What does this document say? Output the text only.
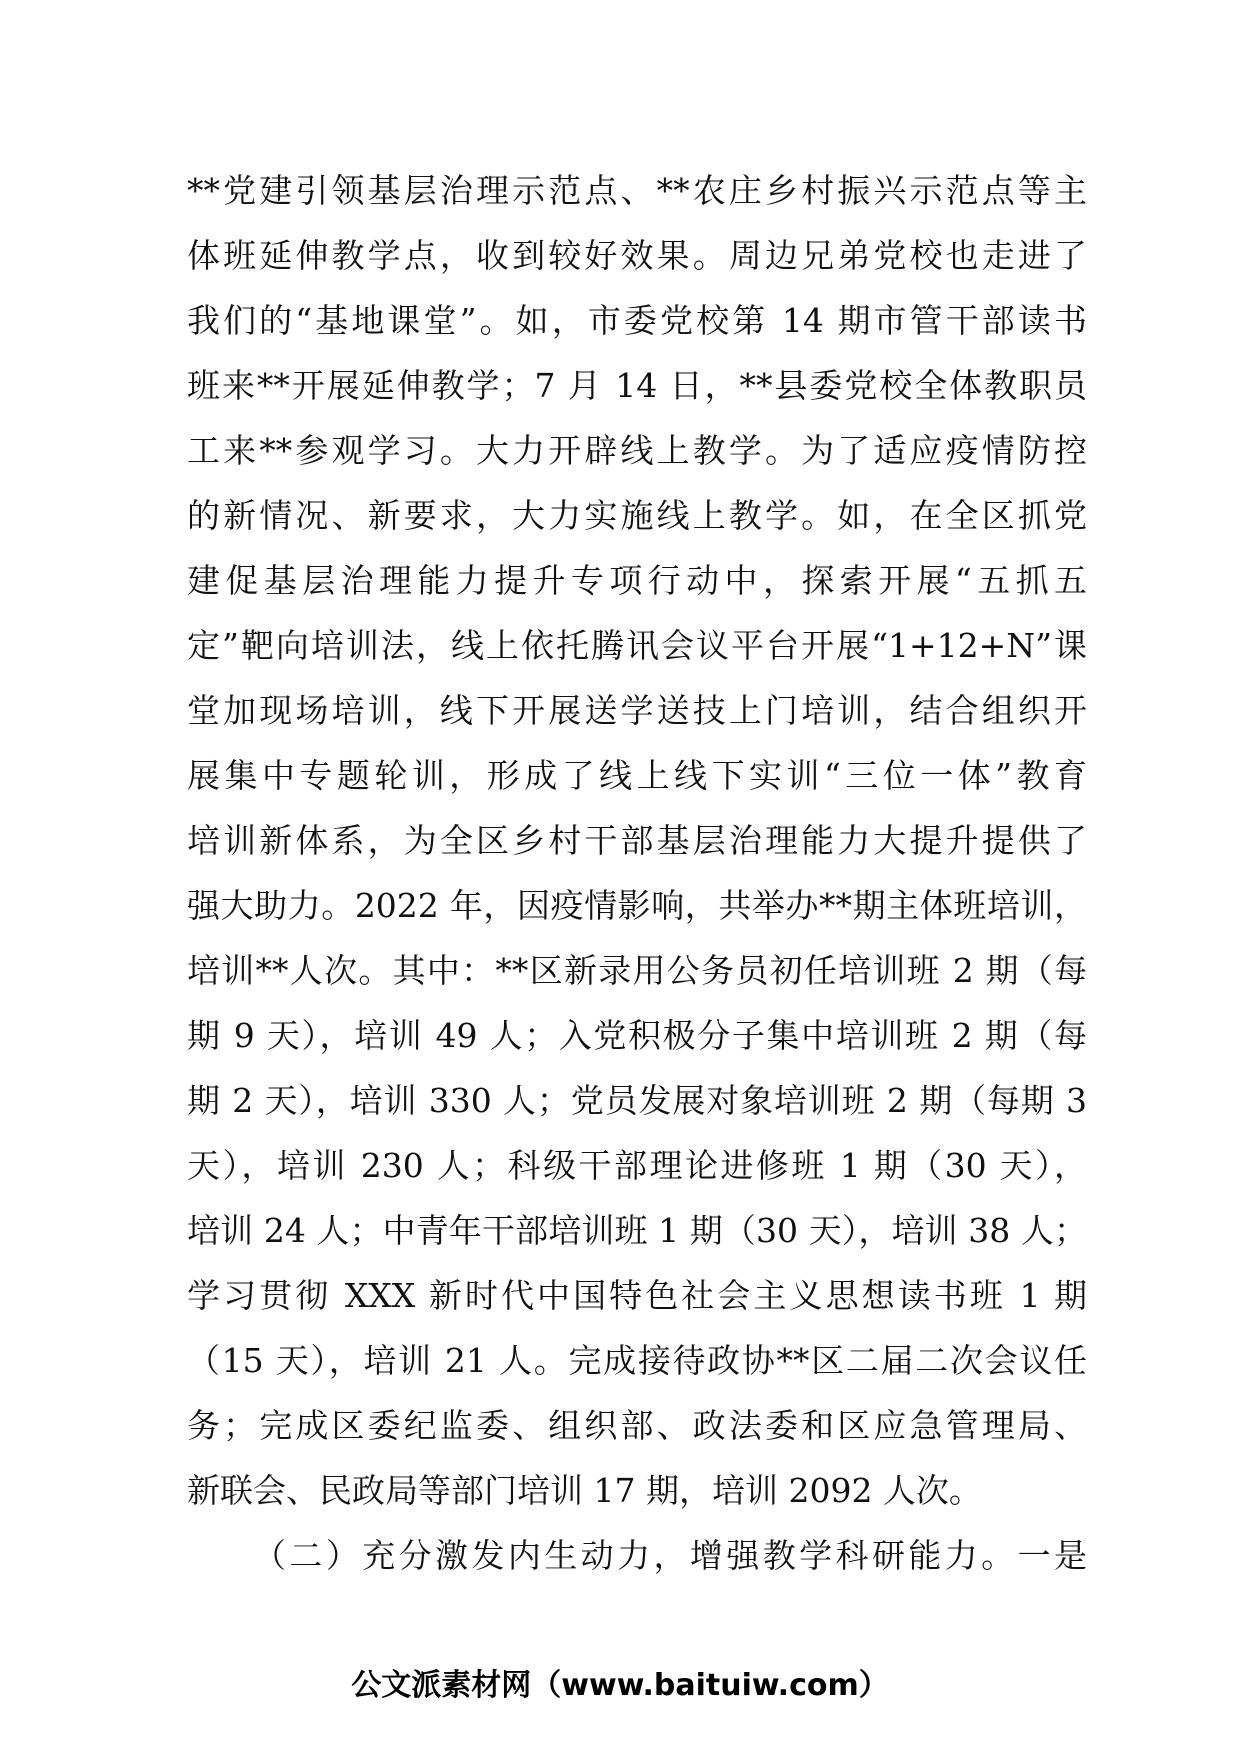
**党建引领基层治理示范点、**农庄乡村振兴示范点等主
体班延伸教学点，收到较好效果。周边兄弟党校也走进了
我们的“基地课堂”。如，市委党校第 14 期市管干部读书
班来**开展延伸教学；7 月 14 日，**县委党校全体教职员
工来**参观学习。大力开辟线上教学。为了适应疫情防控
的新情况、新要求，大力实施线上教学。如，在全区抓党
建促基层治理能力提升专项行动中，探索开展“五抓五
定”靶向培训法，线上依托腾讯会议平台开展“1+12+N”课
堂加现场培训，线下开展送学送技上门培训，结合组织开
展集中专题轮训，形成了线上线下实训“三位一体”教育
培训新体系，为全区乡村干部基层治理能力大提升提供了
强大助力。2022 年，因疫情影响，共举办**期主体班培训，
培训**人次。其中：**区新录用公务员初任培训班 2 期（每
期 9 天），培训 49 人；入党积极分子集中培训班 2 期（每
期 2 天），培训 330 人；党员发展对象培训班 2 期（每期 3
天），培训 230 人；科级干部理论进修班 1 期（30 天），
培训 24 人；中青年干部培训班 1 期（30 天），培训 38 人；
学习贯彻 XXX 新时代中国特色社会主义思想读书班 1 期
（15 天），培训 21 人。完成接待政协**区二届二次会议任
务；完成区委纪监委、组织部、政法委和区应急管理局、
新联会、民政局等部门培训 17 期，培训 2092 人次。
（二）充分激发内生动力，增强教学科研能力。一是
公文派素材网（www.baituiw.com）
